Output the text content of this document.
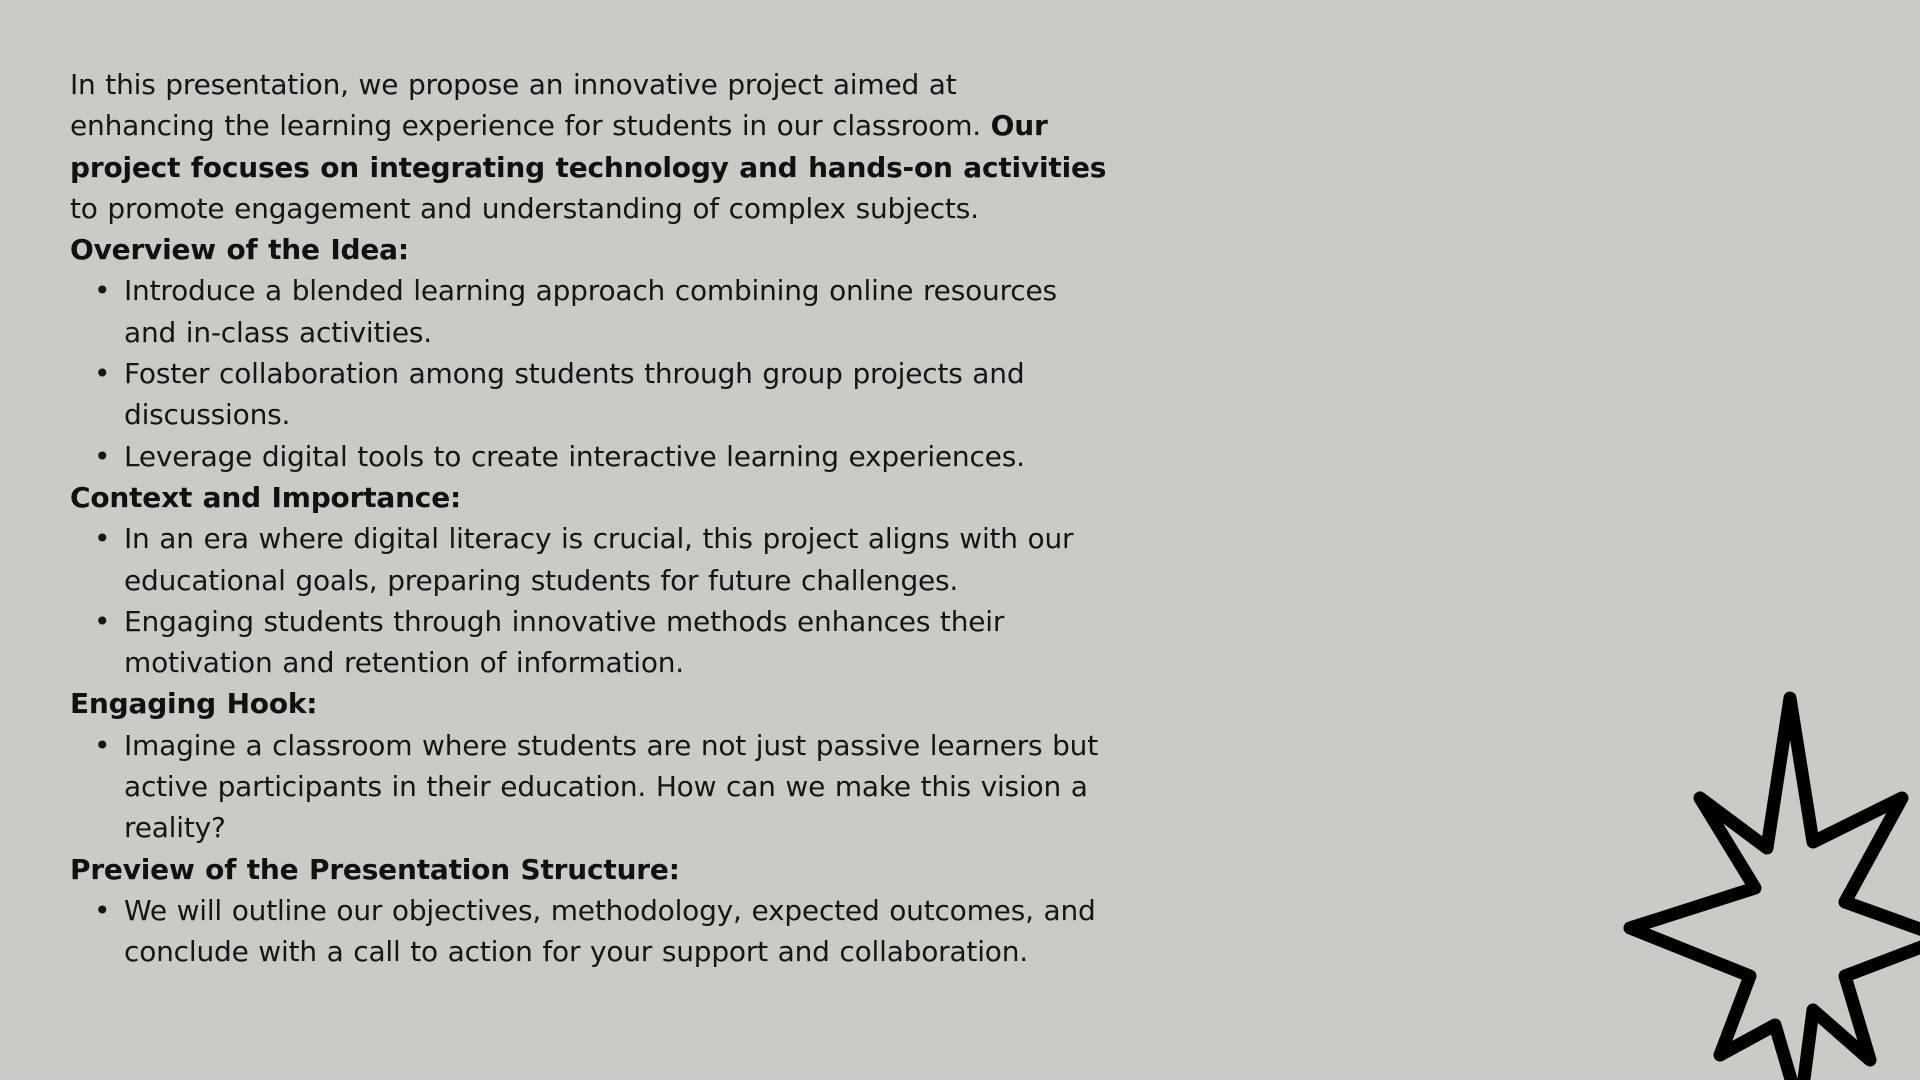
In this presentation, we propose an innovative project aimed at enhancing the learning experience for students in our classroom. Our project focuses on integrating technology and hands-on activities to promote engagement and understanding of complex subjects.

Overview of the Idea:

• Introduce a blended learning approach combining online resources and in-class activities.
• Foster collaboration among students through group projects and discussions.
• Leverage digital tools to create interactive learning experiences.

Context and Importance:

• In an era where digital literacy is crucial, this project aligns with our educational goals, preparing students for future challenges.
• Engaging students through innovative methods enhances their motivation and retention of information.

Engaging Hook:

• Imagine a classroom where students are not just passive learners but active participants in their education. How can we make this vision a reality?

Preview of the Presentation Structure:

• We will outline our objectives, methodology, expected outcomes, and conclude with a call to action for your support and collaboration.
